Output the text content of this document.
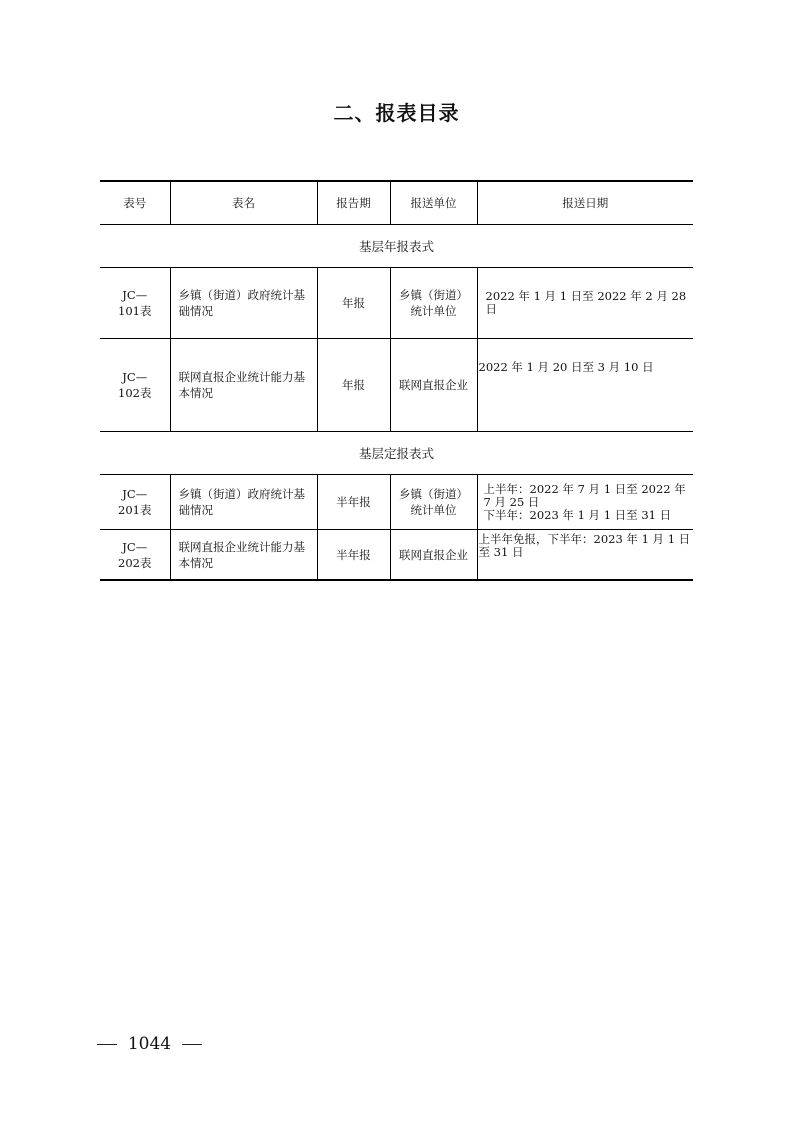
二、报表目录
表号	表名	报告期	报送单位	报送日期
基层年报表式				

JC—101表	乡镇（街道）政府统计基础情况	年报	乡镇（街道）统计单位	2022 年 1 月 1 日至 2022 年 2 月 28 日

JC—102表	联网直报企业统计能力基本情况	年报	联网直报企业	2022 年 1 月 20 日至 3 月 10 日
基层定报表式				

JC—201表	乡镇（街道）政府统计基础情况	半年报	乡镇（街道）统计单位	上半年：2022 年 7 月 1 日至 2022 年 7 月 25 日
下半年：2023 年 1 月 1 日至 31 日

JC—202表	联网直报企业统计能力基本情况	半年报	联网直报企业	上半年免报，下半年：2023 年 1 月 1 日至 31 日
1044
